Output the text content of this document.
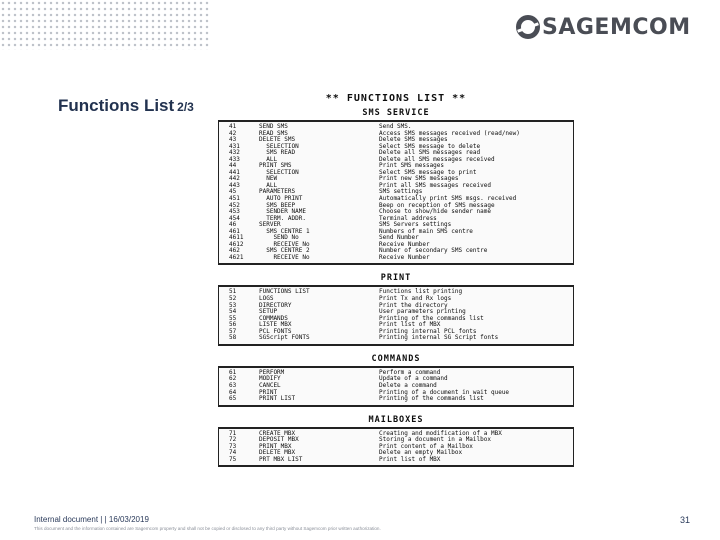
SAGEMCOM
Functions List 2/3
** FUNCTIONS LIST **
SMS SERVICE
41
42
43
431
432
433
44
441
442
443
45
451
452
453
454
46
461
4611
4612
462
4621
SEND SMS
READ SMS
DELETE SMS
SELECTION
SMS READ
ALL
PRINT SMS
SELECTION
NEW
ALL
PARAMETERS
AUTO PRINT
SMS BEEP
SENDER NAME
TERM. ADDR.
SERVER
SMS CENTRE 1
SEND No
RECEIVE No
SMS CENTRE 2
RECEIVE No
Send SMS.
Access SMS messages received (read/new)
Delete SMS messages
Select SMS message to delete
Delete all SMS messages read
Delete all SMS messages received
Print SMS messages
Select SMS message to print
Print new SMS messages
Print all SMS messages received
SMS settings
Automatically print SMS msgs. received
Beep on reception of SMS message
Choose to show/hide sender name
Terminal address
SMS Servers settings
Numbers of main SMS centre
Send Number
Receive Number
Number of secondary SMS centre
Receive Number
PRINT
51
52
53
54
55
56
57
58
FUNCTIONS LIST
LOGS
DIRECTORY
SETUP
COMMANDS
LISTE MBX
PCL FONTS
SGScript FONTS
Functions list printing
Print Tx and Rx logs
Print the directory
User parameters printing
Printing of the commands list
Print list of MBX
Printing internal PCL fonts
Printing internal SG Script fonts
COMMANDS
61
62
63
64
65
PERFORM
MODIFY
CANCEL
PRINT
PRINT LIST
Perform a command
Update of a command
Delete a command
Printing of a document in wait queue
Printing of the commands list
MAILBOXES
71
72
73
74
75
CREATE MBX
DEPOSIT MBX
PRINT MBX
DELETE MBX
PRT MBX LIST
Creating and modification of a MBX
Storing a document in a Mailbox
Print content of a Mailbox
Delete an empty Mailbox
Print list of MBX
Internal document | | 16/03/2019
This document and the information contained are Sagemcom property and shall not be copied or disclosed to any third party without Sagemcom prior written authorization.
31
